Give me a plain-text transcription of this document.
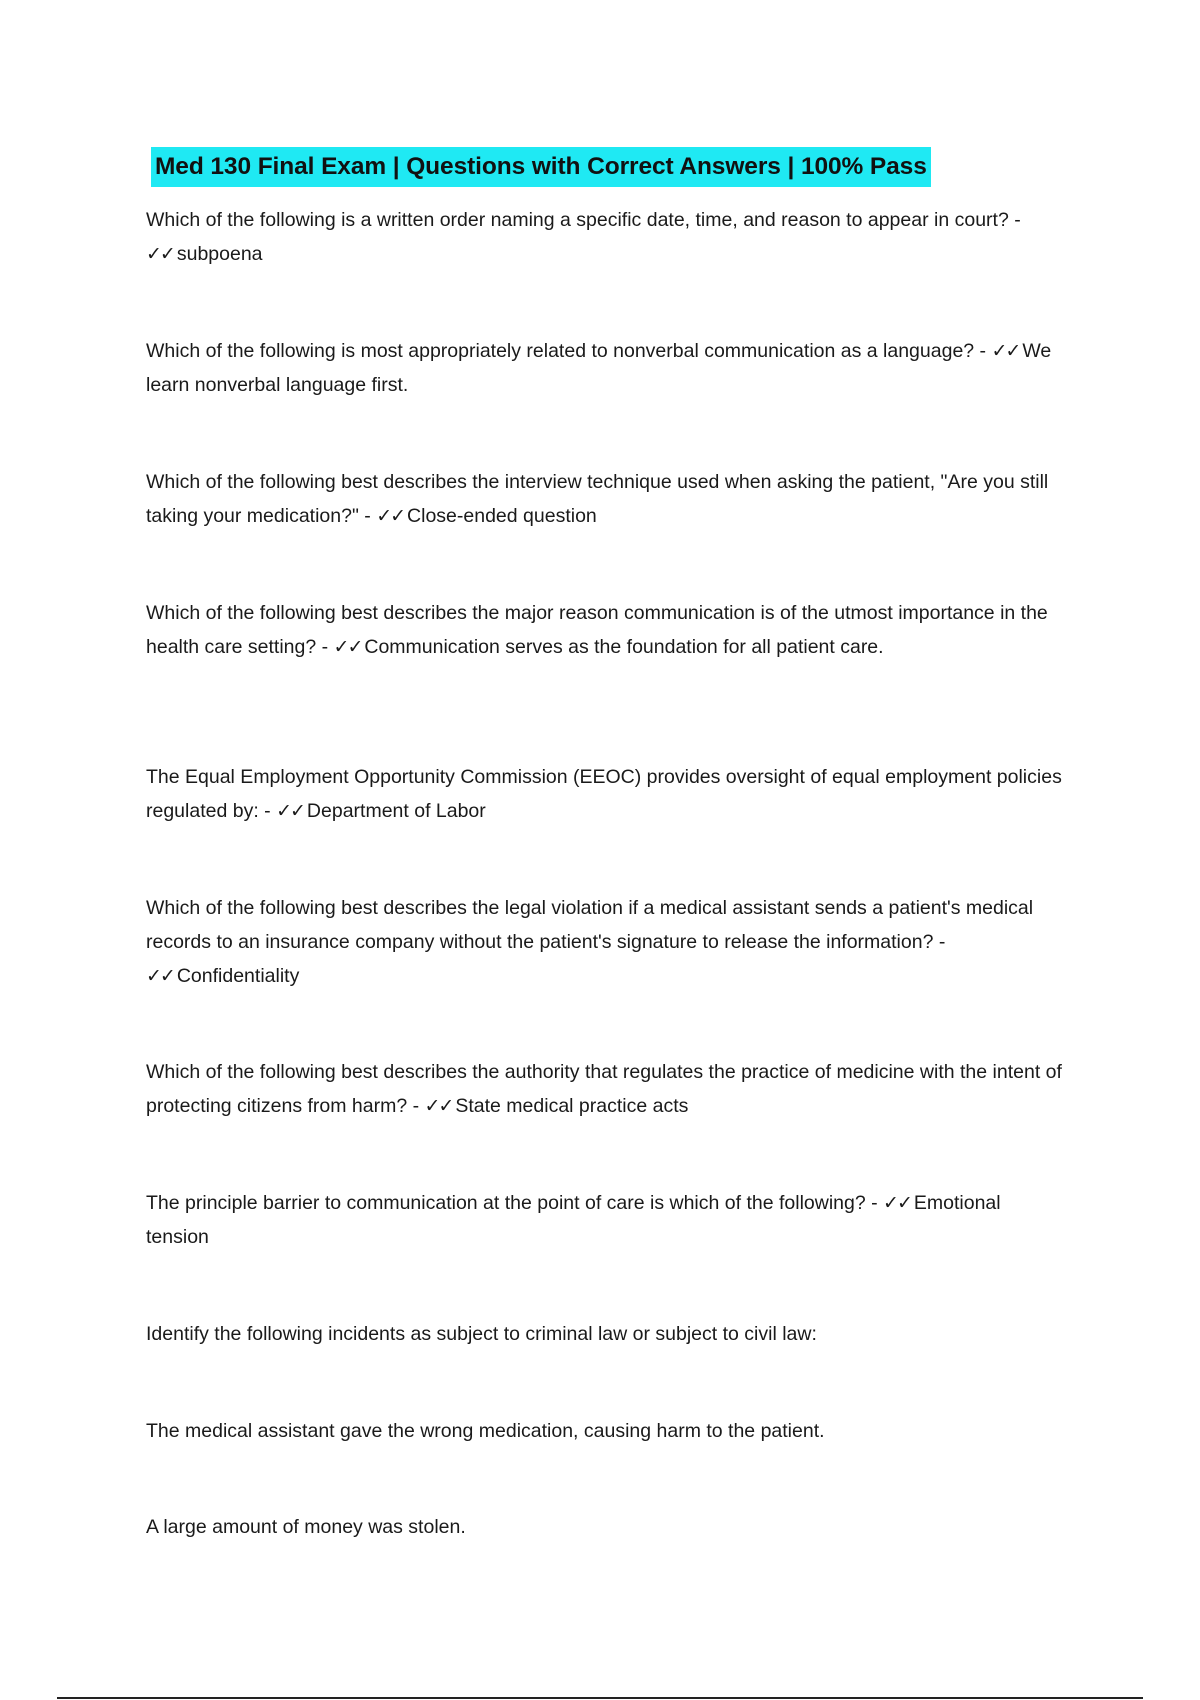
Med 130 Final Exam | Questions with Correct Answers | 100% Pass
Which of the following is a written order naming a specific date, time, and reason to appear in court? - ✓✓ subpoena
Which of the following is most appropriately related to nonverbal communication as a language? - ✓✓ We learn nonverbal language first.
Which of the following best describes the interview technique used when asking the patient, "Are you still taking your medication?" - ✓✓ Close-ended question
Which of the following best describes the major reason communication is of the utmost importance in the health care setting? - ✓✓ Communication serves as the foundation for all patient care.
The Equal Employment Opportunity Commission (EEOC) provides oversight of equal employment policies regulated by: - ✓✓ Department of Labor
Which of the following best describes the legal violation if a medical assistant sends a patient's medical records to an insurance company without the patient's signature to release the information? - ✓✓ Confidentiality
Which of the following best describes the authority that regulates the practice of medicine with the intent of protecting citizens from harm? - ✓✓ State medical practice acts
The principle barrier to communication at the point of care is which of the following? - ✓✓ Emotional tension
Identify the following incidents as subject to criminal law or subject to civil law:
The medical assistant gave the wrong medication, causing harm to the patient.
A large amount of money was stolen.
